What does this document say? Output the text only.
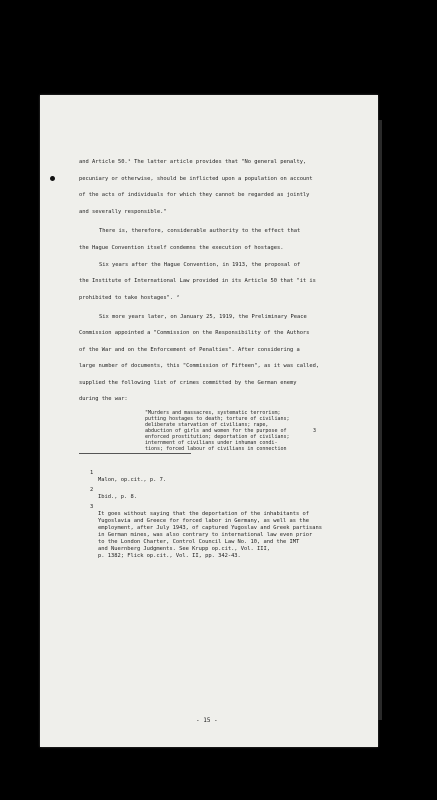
and Article 50.¹ The latter article provides that "No general penalty,
pecuniary or otherwise, should be inflicted upon a population on account
of the acts of individuals for which they cannot be regarded as jointly
and severally responsible."
There is, therefore, considerable authority to the effect that
the Hague Convention itself condemns the execution of hostages.
Six years after the Hague Convention, in 1913, the proposal of
the Institute of International Law provided in its Article 50 that "it is
prohibited to take hostages". ²
Six more years later, on January 25, 1919, the Preliminary Peace
Commission appointed a "Commission on the Responsibility of the Authors
of the War and on the Enforcement of Penalties". After considering a
large number of documents, this "Commission of Fifteen", as it was called,
supplied the following list of crimes committed by the German enemy
during the war:
"Murders and massacres, systematic terrorism;
putting hostages to death; torture of civilians;
deliberate starvation of civilians; rape,
abduction of girls and women for the purpose of
enforced prostitution; deportation of civilians;
internment of civilians under inhuman condi-
tions; forced labour of civilians in connection
3
1
Malon, op.cit., p. 7.
2
Ibid., p. 8.
3
It goes without saying that the deportation of the inhabitants of
Yugoslavia and Greece for forced labor in Germany, as well as the
employment, after July 1943, of captured Yugoslav and Greek partisans
in German mines, was also contrary to international law even prior
to the London Charter, Control Council Law No. 10, and the IMT
and Nuernberg Judgments. See Krupp op.cit., Vol. III,
p. 1382; Flick op.cit., Vol. II, pp. 342-43.
- 15 -
